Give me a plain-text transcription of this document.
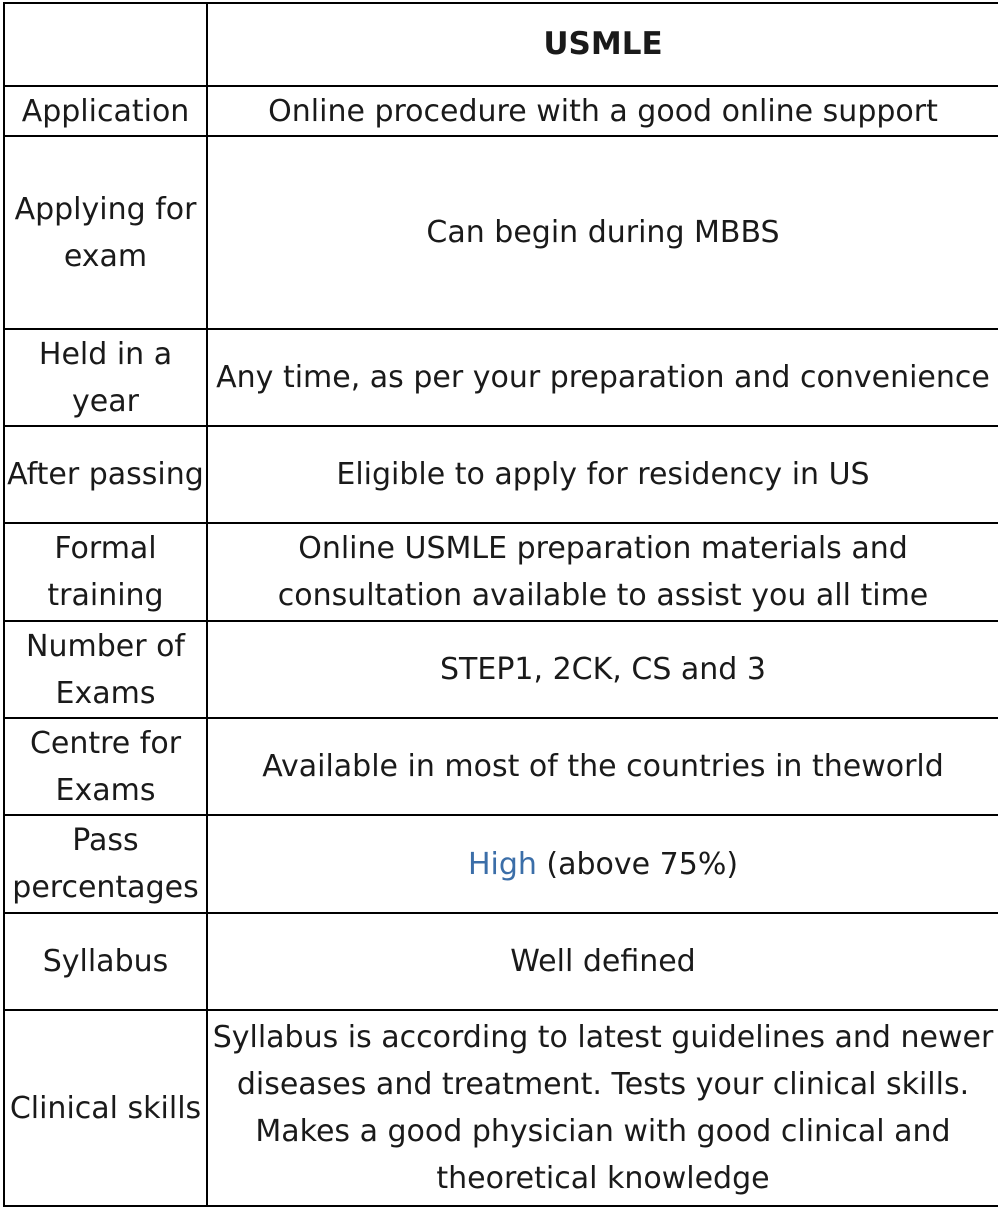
	USMLE
Application	Online procedure with a good online support
Applying for exam	Can begin during MBBS
Held in a year	Any time, as per your preparation and convenience
After passing	Eligible to apply for residency in US
Formal training	Online USMLE preparation materials and consultation available to assist you all time
Number of Exams	STEP1, 2CK, CS and 3
Centre for Exams	Available in most of the countries in theworld
Pass percentages	High (above 75%)
Syllabus	Well defined
Clinical skills	Syllabus is according to latest guidelines and newer diseases and treatment. Tests your clinical skills. Makes a good physician with good clinical and theoretical knowledge
